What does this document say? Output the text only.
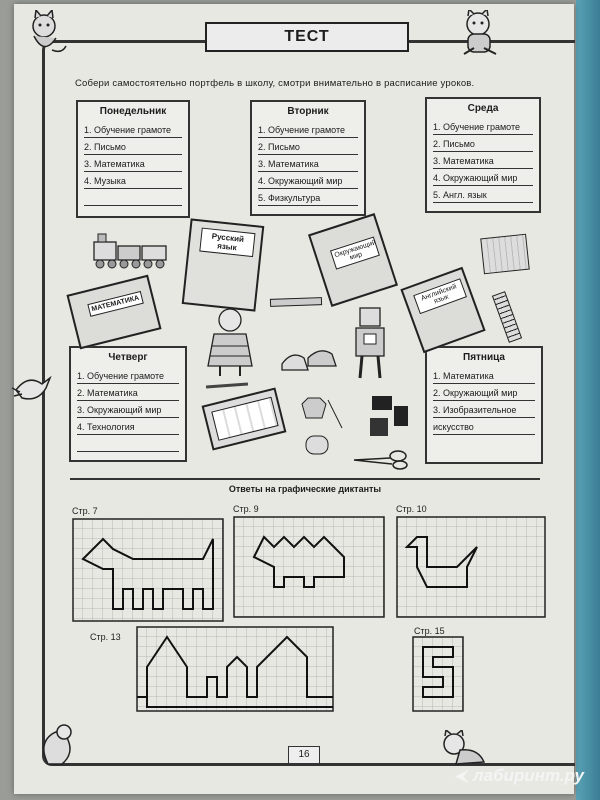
ТЕСТ
Собери самостоятельно портфель в школу, смотри внимательно в расписание уроков.
Понедельник
1. Обучение грамоте
2. Письмо
3. Математика
4. Музыка
Вторник
1. Обучение грамоте
2. Письмо
3. Математика
4. Окружающий мир
5. Физкультура
Среда
1. Обучение грамоте
2. Письмо
3. Математика
4. Окружающий мир
5. Англ. язык
Четверг
1. Обучение грамоте
2. Математика
3. Окружающий мир
4. Технология
Пятница
1. Математика
2. Окружающий мир
3. Изобразительное
искусство
Русский язык	Окружающий мир
Английский язык
МАТЕМАТИКА
Ответы на графические диктанты
Стр. 7	Стр. 9	Стр. 10
Стр. 13
Стр. 15
16
лабиринт.ру
